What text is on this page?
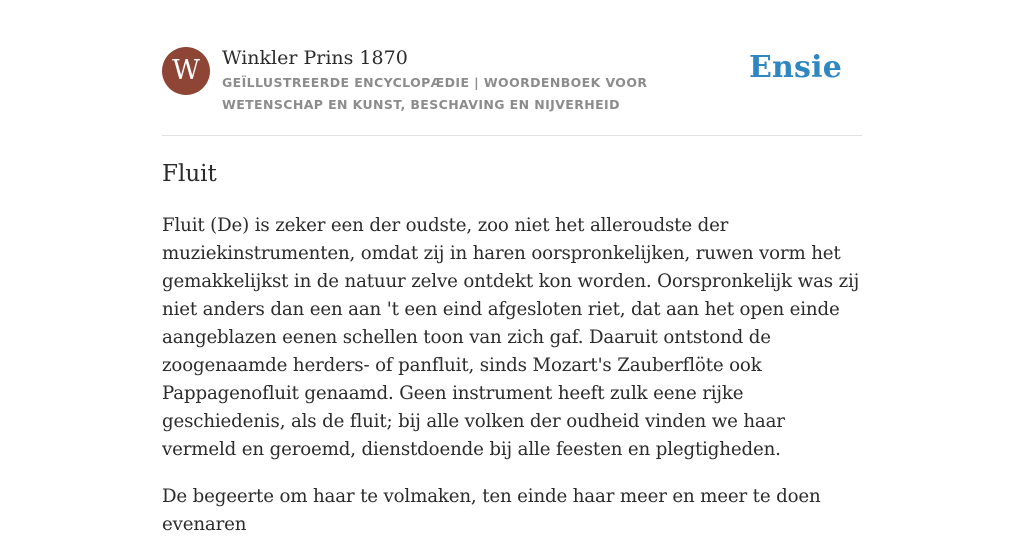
W	Winkler Prins 1870
GEÏLLUSTREERDE ENCYCLOPÆDIE | WOORDENBOEK VOOR WETENSCHAP EN KUNST, BESCHAVING EN NIJVERHEID
Ensie
Fluit

Fluit (De) is zeker een der oudste, zoo niet het alleroudste der muziekinstrumenten, omdat zij in haren oorspronkelijken, ruwen vorm het gemakkelijkst in de natuur zelve ontdekt kon worden. Oorspronkelijk was zij niet anders dan een aan 't een eind afgesloten riet, dat aan het open einde aangeblazen eenen schellen toon van zich gaf. Daaruit ontstond de zoogenaamde herders- of panfluit, sinds Mozart's Zauberflöte ook Pappagenofluit genaamd. Geen instrument heeft zulk eene rijke geschiedenis, als de fluit; bij alle volken der oudheid vinden we haar vermeld en geroemd, dienstdoende bij alle feesten en plegtigheden.

De begeerte om haar te volmaken, ten einde haar meer en meer te doen evenaren
